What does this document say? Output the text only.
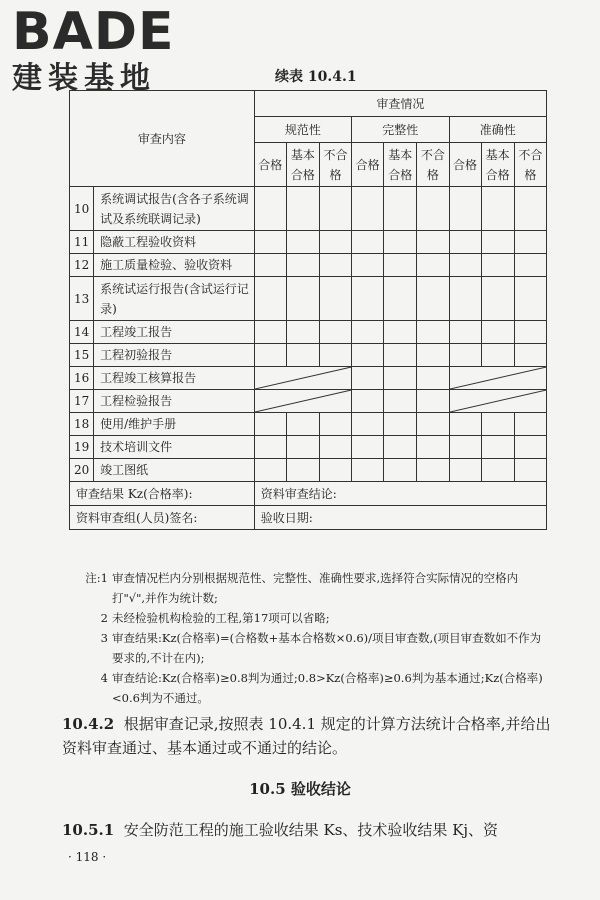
BADE
建装基地	续表 10.4.1
审查内容		审查情况								
		规范性			完整性			准确性		
		合格	基本合格	不合格	合格	基本合格	不合格	合格	基本合格	不合格
10	系统调试报告(含各子系统调试及系统联调记录)									
11	隐蔽工程验收资料									
12	施工质量检验、验收资料									
13	系统试运行报告(含试运行记录)									
14	工程竣工报告									
15	工程初验报告									
16	工程竣工核算报告	

17	工程检验报告	

18	使用/维护手册									
19	技术培训文件									
20	竣工图纸									
审查结果 Kz(合格率):		资料审查结论:								
资料审查组(人员)签名:		验收日期:								
注:1 审查情况栏内分别根据规范性、完整性、准确性要求,选择符合实际情况的空格内打"√",并作为统计数;
2 未经检验机构检验的工程,第17项可以省略;
3 审查结果:Kz(合格率)=(合格数+基本合格数×0.6)/项目审查数,(项目审查数如不作为要求的,不计在内);
4 审查结论:Kz(合格率)≥0.8判为通过;0.8>Kz(合格率)≥0.6判为基本通过;Kz(合格率)<0.6判为不通过。
10.4.2 根据审查记录,按照表 10.4.1 规定的计算方法统计合格率,并给出资料审查通过、基本通过或不通过的结论。
10.5 验收结论
10.5.1 安全防范工程的施工验收结果 Ks、技术验收结果 Kj、资
· 118 ·
